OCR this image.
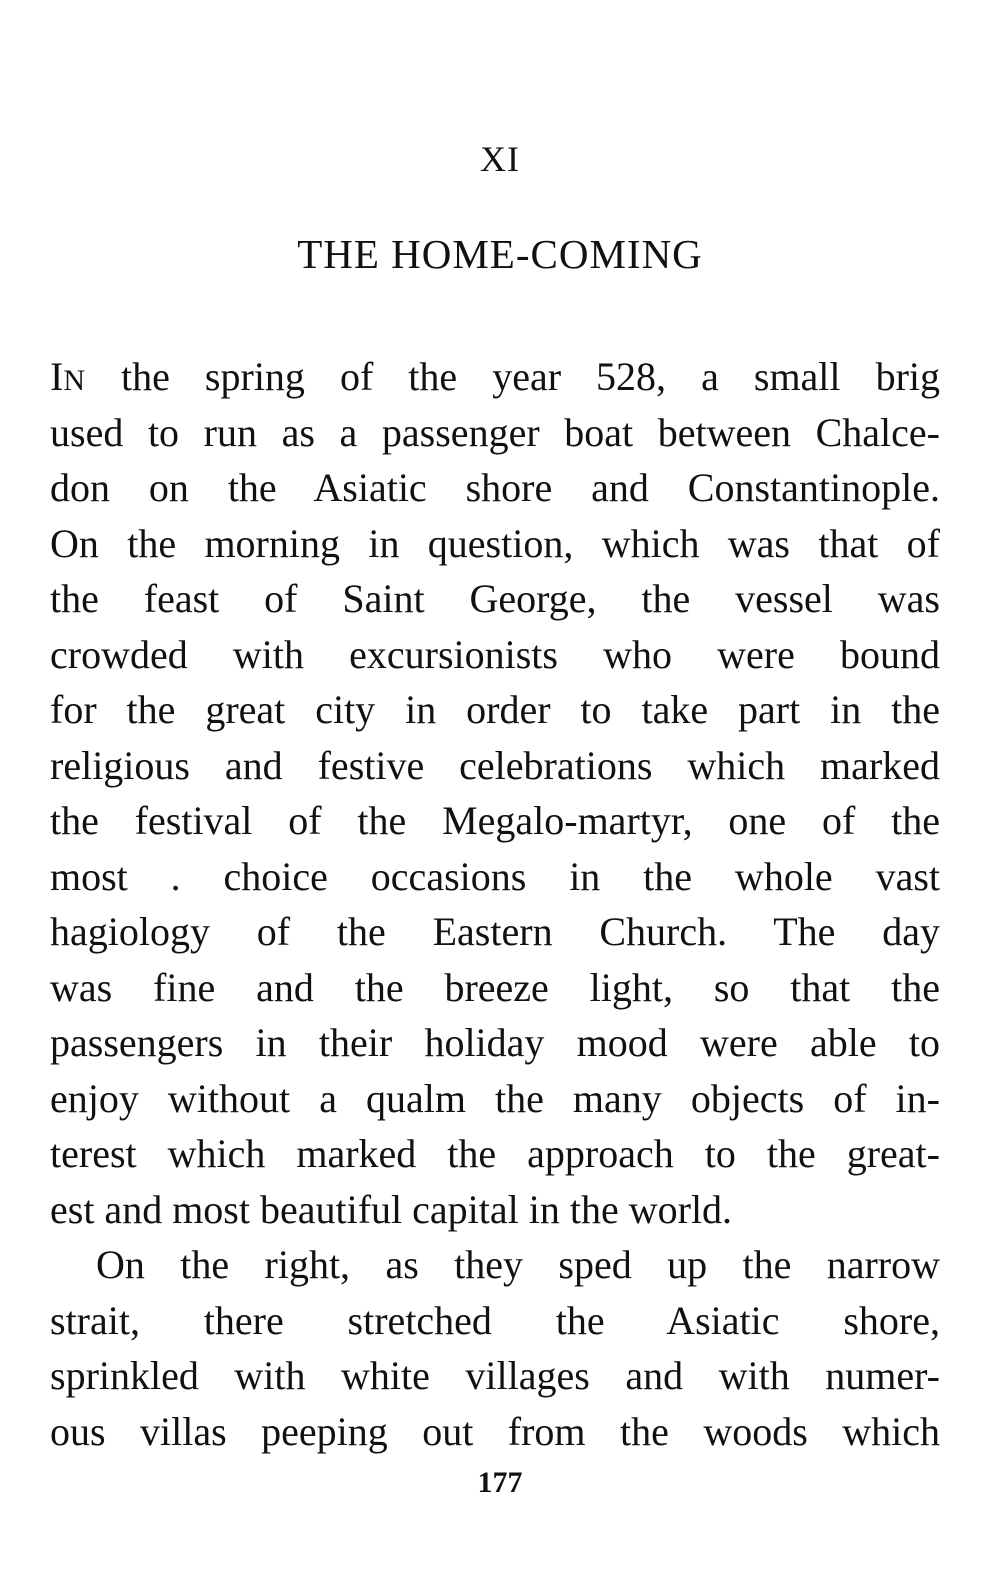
XI
THE HOME-COMING
IN the spring of the year 528, a small brig
used to run as a passenger boat between Chalce-
don on the Asiatic shore and Constantinople.
On the morning in question, which was that of
the feast of Saint George, the vessel was
crowded with excursionists who were bound
for the great city in order to take part in the
religious and festive celebrations which marked
the festival of the Megalo-martyr, one of the
most . choice occasions in the whole vast
hagiology of the Eastern Church. The day
was fine and the breeze light, so that the
passengers in their holiday mood were able to
enjoy without a qualm the many objects of in-
terest which marked the approach to the great-
est and most beautiful capital in the world.
On the right, as they sped up the narrow
strait, there stretched the Asiatic shore,
sprinkled with white villages and with numer-
ous villas peeping out from the woods which
177
